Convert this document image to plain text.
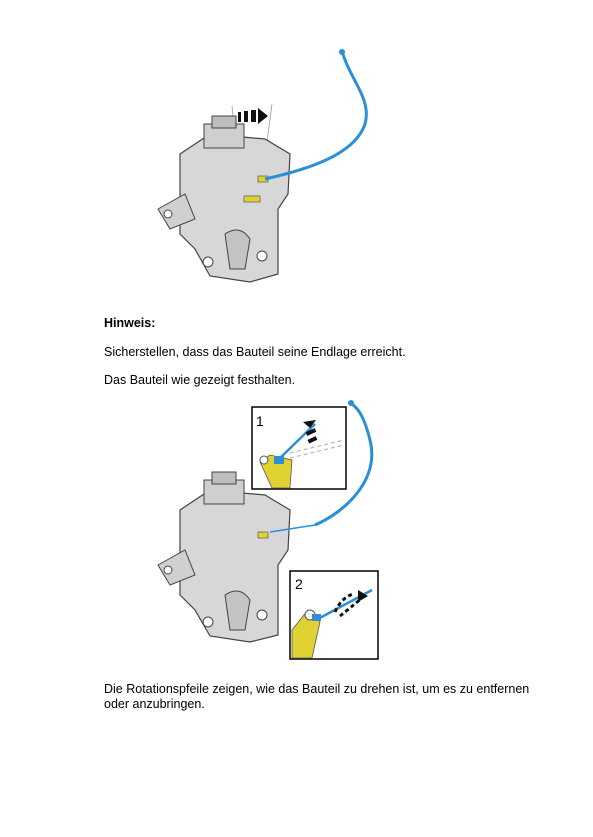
Hinweis:

Sicherstellen, dass das Bauteil seine Endlage erreicht.

Das Bauteil wie gezeigt festhalten.

1
2

Die Rotationspfeile zeigen, wie das Bauteil zu drehen ist, um es zu entfernen oder anzubringen.
